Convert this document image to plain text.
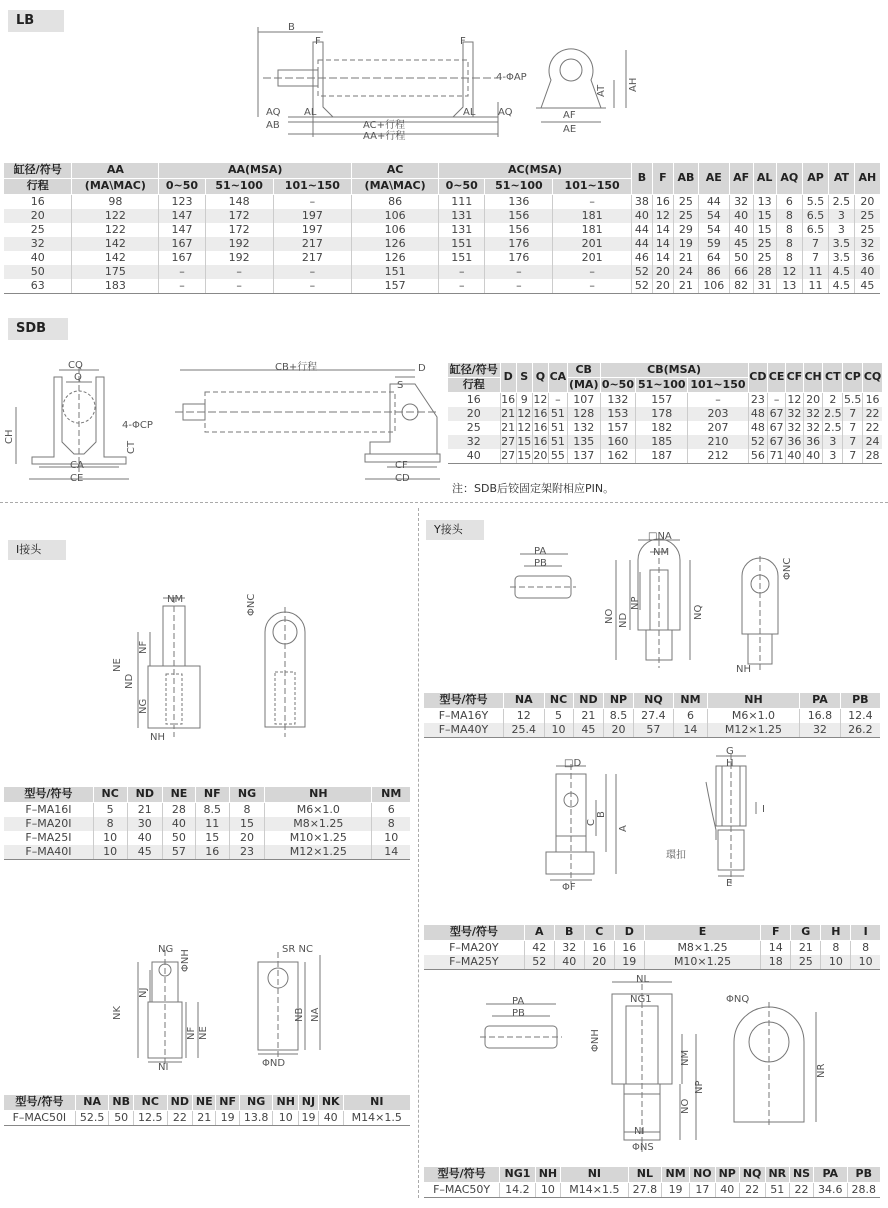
LB	B
F	F
AQ
AB
AL	AL AQ
AC+行程
AA+行程
4-ΦAP
AT AH
AF
AE
缸径/符号	AA	AA(MSA)			AC	AC(MSA)			B	F	AB	AE	AF	AL	AQ	AP	AT	AH
行程	(MA\MAC)	0~50	51~100	101~150	(MA\MAC)	0~50	51~100	101~150										
16	98	123	148	–	86	111	136	–	38	16	25	44	32	13	6	5.5	2.5	20
20	122	147	172	197	106	131	156	181	40	12	25	54	40	15	8	6.5	3	25
25	122	147	172	197	106	131	156	181	44	14	29	54	40	15	8	6.5	3	25
32	142	167	192	217	126	151	176	201	44	14	19	59	45	25	8	7	3.5	32
40	142	167	192	217	126	151	176	201	46	14	21	64	50	25	8	7	3.5	36
50	175	–	–	–	151	–	–	–	52	20	24	86	66	28	12	11	4.5	40
63	183	–	–	–	157	–	–	–	52	20	21	106	82	31	13	11	4.5	45
SDB
CQ
Q
CH
4-ΦCP
CT
CA
CE
CB+行程	D
S
CF
CD
缸径/符号	D	S	Q	CA	CB	CB(MSA)			CD	CE	CF	CH	CT	CP	CQ
行程					(MA)	0~50	51~100	101~150							
16	16	9	12	–	107	132	157	–	23	–	12	20	2	5.5	16
20	21	12	16	51	128	153	178	203	48	67	32	32	2.5	7	22
25	21	12	16	51	132	157	182	207	48	67	32	32	2.5	7	22
32	27	15	16	51	135	160	185	210	52	67	36	36	3	7	24
40	27	15	20	55	137	162	187	212	56	71	40	40	3	7	28
注：SDB后铰固定架附相应PIN。
I接头
NM
NE
NF
ND
NG
NH
ΦNC
型号/符号	NC	ND	NE	NF	NG	NH	NM
F–MA16I	5	21	28	8.5	8	M6×1.0	6
F–MA20I	8	30	40	11	15	M8×1.25	8
F–MA25I	10	40	50	15	20	M10×1.25	10
F–MA40I	10	45	57	16	23	M12×1.25	14
NG ΦNH
NJ
NK
NF NE
NI
SR NC
NB NA
ΦND
型号/符号	NA	NB	NC	ND	NE	NF	NG	NH	NJ	NK	NI
F–MAC50I	52.5	50	12.5	22	21	19	13.8	10	19	40	M14×1.5
Y接头
PA
PB
□NA
NM
NO ND
NP
NQ
ΦNC
NH
型号/符号	NA	NC	ND	NP	NQ	NM	NH	PA	PB
F–MA16Y	12	5	21	8.5	27.4	6	M6×1.0	16.8	12.4
F–MA40Y	25.4	10	45	20	57	14	M12×1.25	32	26.2
□D
C
B
A
ΦF
G
H
I
環扣
E
型号/符号	A	B	C	D	E	F	G	H	I
F–MA20Y	42	32	16	16	M8×1.25	14	21	8	8
F–MA25Y	52	40	20	19	M10×1.25	18	25	10	10
PA
PB
NL
NG1
ΦNH
NM
NP
NO
NI
ΦNS
ΦNQ
NR
型号/符号	NG1	NH	NI	NL	NM	NO	NP	NQ	NR	NS	PA	PB
F–MAC50Y	14.2	10	M14×1.5	27.8	19	17	40	22	51	22	34.6	28.8
